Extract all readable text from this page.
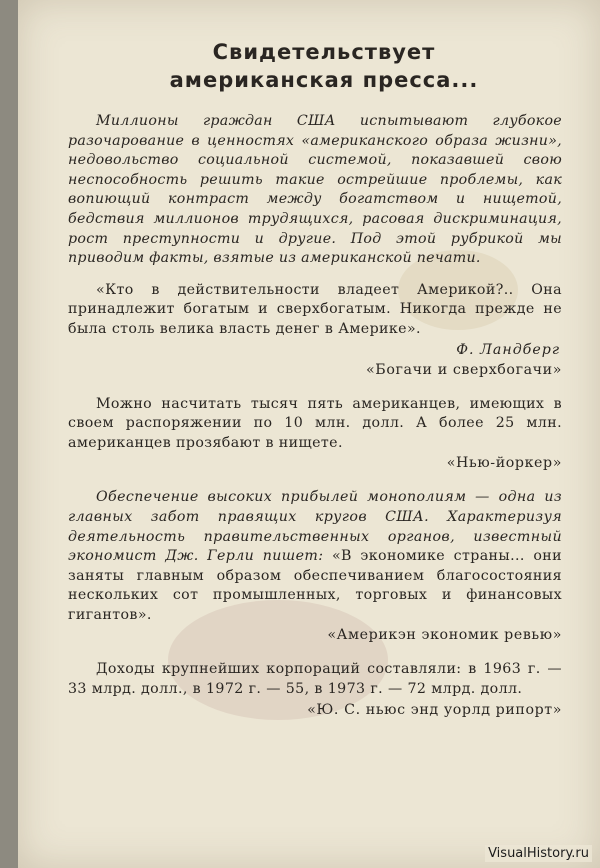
Свидетельствует
американская пресса...

Миллионы граждан США испытывают глубокое разочарование в ценностях «американского образа жизни», недовольство социальной системой, показавшей свою неспособность решить такие острейшие проблемы, как вопиющий контраст между богатством и нищетой, бедствия миллионов трудящихся, расовая дискриминация, рост преступности и другие. Под этой рубрикой мы приводим факты, взятые из американской печати.

«Кто в действительности владеет Америкой?.. Она принадлежит богатым и сверхбогатым. Никогда прежде не была столь велика власть денег в Америке».

Ф. Ландберг

«Богачи и сверхбогачи»

Можно насчитать тысяч пять американцев, имеющих в своем распоряжении по 10 млн. долл. А более 25 млн. американцев прозябают в нищете.

«Нью-йоркер»

Обеспечение высоких прибылей монополиям — одна из главных забот правящих кругов США. Характеризуя деятельность правительственных органов, известный экономист Дж. Герли пишет: «В экономике страны... они заняты главным образом обеспечиванием благосостояния нескольких сот промышленных, торговых и финансовых гигантов».

«Америкэн экономик ревью»

Доходы крупнейших корпораций составляли: в 1963 г. — 33 млрд. долл., в 1972 г. — 55, в 1973 г. — 72 млрд. долл.

«Ю. С. ньюс энд уорлд рипорт»

VisualHistory.ru
